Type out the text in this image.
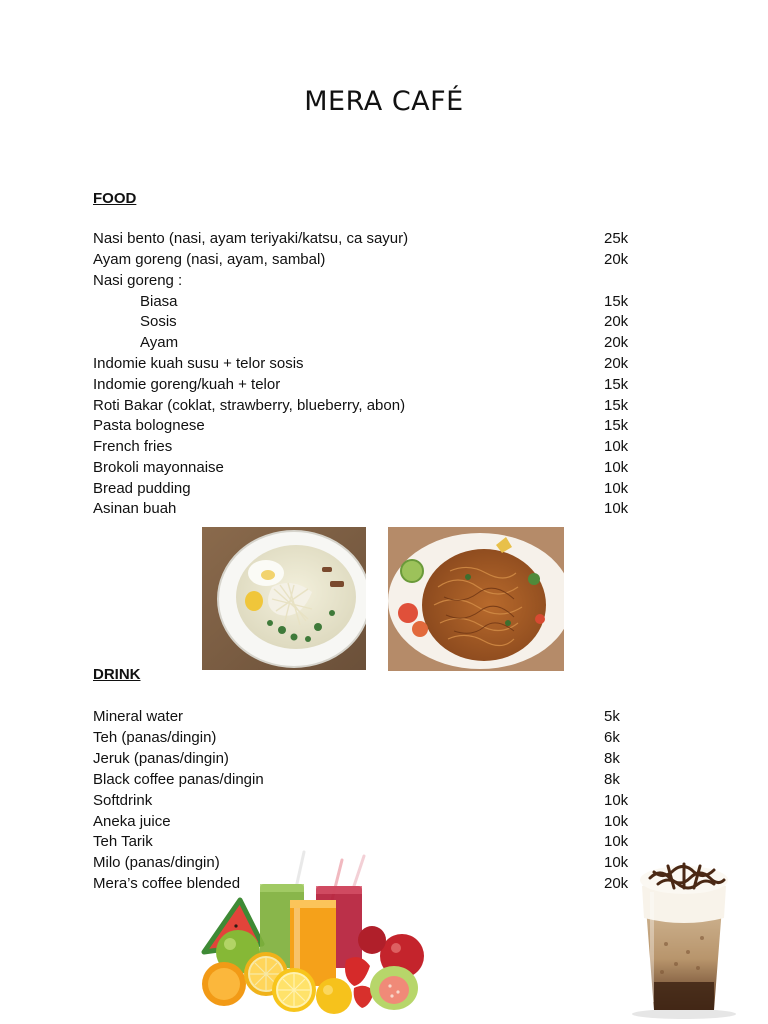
MERA CAFÉ
FOOD
Nasi bento (nasi, ayam teriyaki/katsu, ca sayur)	25k
Ayam goreng (nasi, ayam, sambal)	20k
Nasi goreng :
Biasa	15k
Sosis	20k
Ayam	20k
Indomie kuah susu + telor sosis	20k
Indomie goreng/kuah + telor	15k
Roti Bakar (coklat, strawberry, blueberry, abon)	15k
Pasta bolognese	15k
French fries	10k
Brokoli mayonnaise	10k
Bread pudding	10k
Asinan buah	10k
DRINK
Mineral water	5k
Teh (panas/dingin)	6k
Jeruk (panas/dingin)	8k
Black coffee panas/dingin	8k
Softdrink	10k
Aneka juice	10k
Teh Tarik	10k
Milo (panas/dingin)	10k
Mera’s coffee blended	20k
